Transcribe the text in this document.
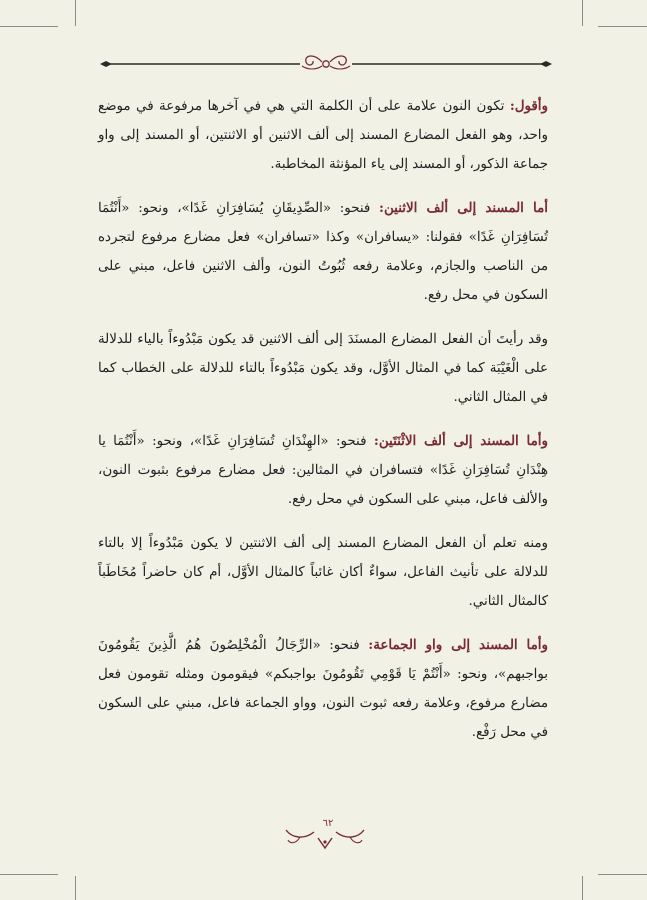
وأقول: تكون النون علامة على أن الكلمة التي هي في آخرها مرفوعة في موضع واحد، وهو الفعل المضارع المسند إلى ألف الاثنين أو الاثنتين، أو المسند إلى واو جماعة الذكور، أو المسند إلى ياء المؤنثة المخاطبة.

أما المسند إلى ألف الاثنين: فنحو: «الصِّدِيقَانِ يُسَافِرَانِ غَدًا»، ونحو: «أَنْتُمَا تُسَافِرَانِ غَدًا» فقولنا: «يسافران» وكذا «تسافران» فعل مضارع مرفوع لتجرده من الناصب والجازم، وعلامة رفعه ثُبُوتُ النون، وألف الاثنين فاعل، مبني على السكون في محل رفع.

وقد رأيتَ أن الفعل المضارع المسنَدَ إلى ألف الاثنين قد يكون مَبْدُوءاً بالياء للدلالة على الْغَيْبَة كما في المثال الأوَّل، وقد يكون مَبْدُوءاً بالتاء للدلالة على الخطاب كما في المثال الثاني.

وأما المسند إلى ألف الاثْنَتَين: فنحو: «الهِنْدَانِ تُسَافِرَانِ غَدًا»، ونحو: «أَنْتُمَا يا هِنْدَانِ تُسَافِرَانِ غَدًا» فتسافران في المثالين: فعل مضارع مرفوع بثبوت النون، والألف فاعل، مبني على السكون في محل رفع.

ومنه تعلم أن الفعل المضارع المسند إلى ألف الاثنتين لا يكون مَبْدُوءاً إلا بالتاء للدلالة على تأنيث الفاعل، سواءٌ أكان غائباً كالمثال الأوَّل، أم كان حاضراً مُخَاطَباً كالمثال الثاني.

وأما المسند إلى واو الجماعة: فنحو: «الرِّجَالُ الْمُخْلِصُونَ هُمُ الَّذِينَ يَقُومُونَ بواجبهم»، ونحو: «أَنْتُمْ يَا قَوْمِي تَقُومُونَ بواجبكم» فيقومون ومثله تقومون فعل مضارع مرفوع، وعلامة رفعه ثبوت النون، وواو الجماعة فاعل، مبني على السكون في محل رَفْع.

٦٢
